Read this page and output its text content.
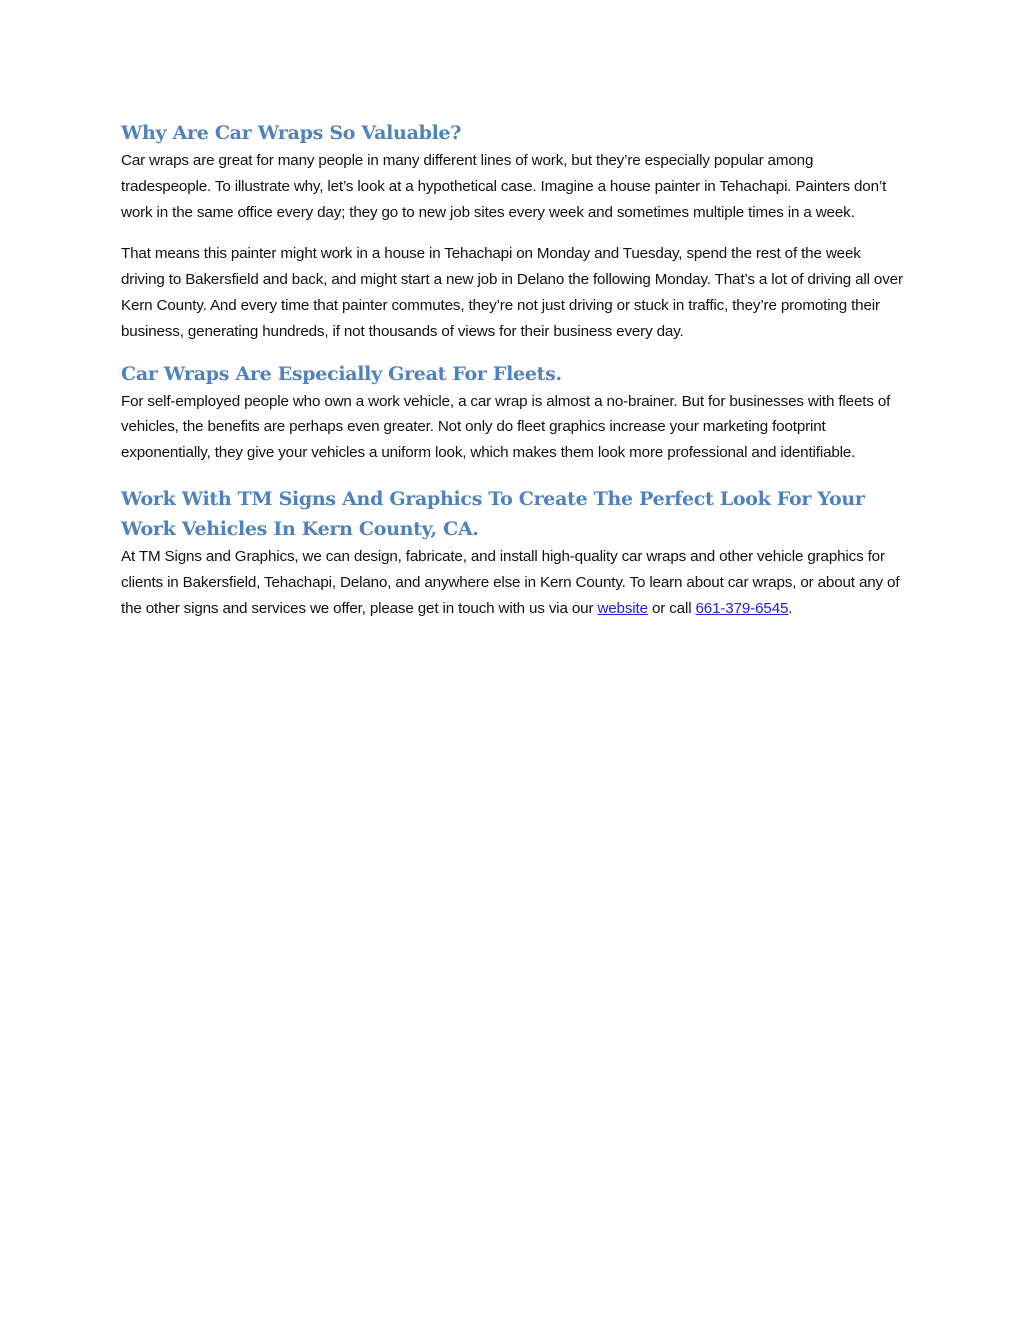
Why Are Car Wraps So Valuable?

Car wraps are great for many people in many different lines of work, but they’re especially popular among tradespeople. To illustrate why, let’s look at a hypothetical case. Imagine a house painter in Tehachapi. Painters don’t work in the same office every day; they go to new job sites every week and sometimes multiple times in a week.

That means this painter might work in a house in Tehachapi on Monday and Tuesday, spend the rest of the week driving to Bakersfield and back, and might start a new job in Delano the following Monday. That’s a lot of driving all over Kern County. And every time that painter commutes, they’re not just driving or stuck in traffic, they’re promoting their business, generating hundreds, if not thousands of views for their business every day.

Car Wraps Are Especially Great For Fleets.

For self-employed people who own a work vehicle, a car wrap is almost a no-brainer. But for businesses with fleets of vehicles, the benefits are perhaps even greater. Not only do fleet graphics increase your marketing footprint exponentially, they give your vehicles a uniform look, which makes them look more professional and identifiable.

Work With TM Signs And Graphics To Create The Perfect Look For Your Work Vehicles In Kern County, CA.

At TM Signs and Graphics, we can design, fabricate, and install high-quality car wraps and other vehicle graphics for clients in Bakersfield, Tehachapi, Delano, and anywhere else in Kern County. To learn about car wraps, or about any of the other signs and services we offer, please get in touch with us via our website or call 661-379-6545.
